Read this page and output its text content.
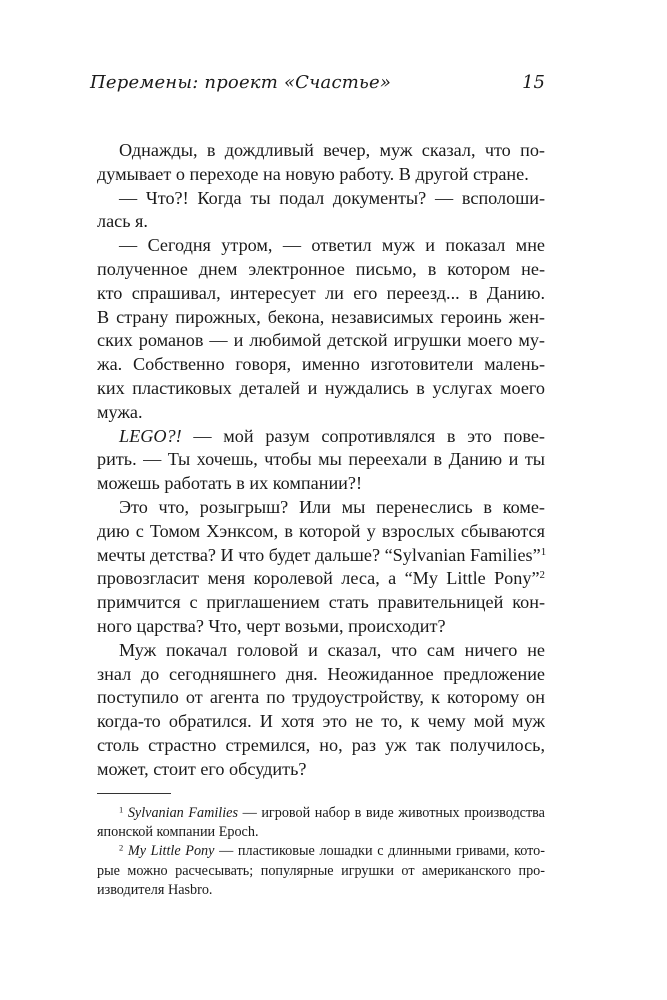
Перемены: проект «Счастье»	15
Однажды, в дождливый вечер, муж сказал, что по-
думывает о переходе на новую работу. В другой стране.
— Что?! Когда ты подал документы? — всполоши-
лась я.
— Сегодня утром, — ответил муж и показал мне
полученное днем электронное письмо, в котором не-
кто спрашивал, интересует ли его переезд... в Данию.
В страну пирожных, бекона, независимых героинь жен-
ских романов — и любимой детской игрушки моего му-
жа. Собственно говоря, именно изготовители малень-
ких пластиковых деталей и нуждались в услугах моего
мужа.
LEGO?! — мой разум сопротивлялся в это пове-
рить. — Ты хочешь, чтобы мы переехали в Данию и ты
можешь работать в их компании?!
Это что, розыгрыш? Или мы перенеслись в коме-
дию с Томом Хэнксом, в которой у взрослых сбываются
мечты детства? И что будет дальше? “Sylvanian Families”$^1$
провозгласит меня королевой леса, а “My Little Pony”$^2$
примчится с приглашением стать правительницей кон-
ного царства? Что, черт возьми, происходит?
Муж покачал головой и сказал, что сам ничего не
знал до сегодняшнего дня. Неожиданное предложение
поступило от агента по трудоустройству, к которому он
когда-то обратился. И хотя это не то, к чему мой муж
столь страстно стремился, но, раз уж так получилось,
может, стоит его обсудить?
$^1$ Sylvanian Families — игровой набор в виде животных производства
японской компании Epoch.
$^2$ My Little Pony — пластиковые лошадки с длинными гривами, кото-
рые можно расчесывать; популярные игрушки от американского про-
изводителя Hasbro.
